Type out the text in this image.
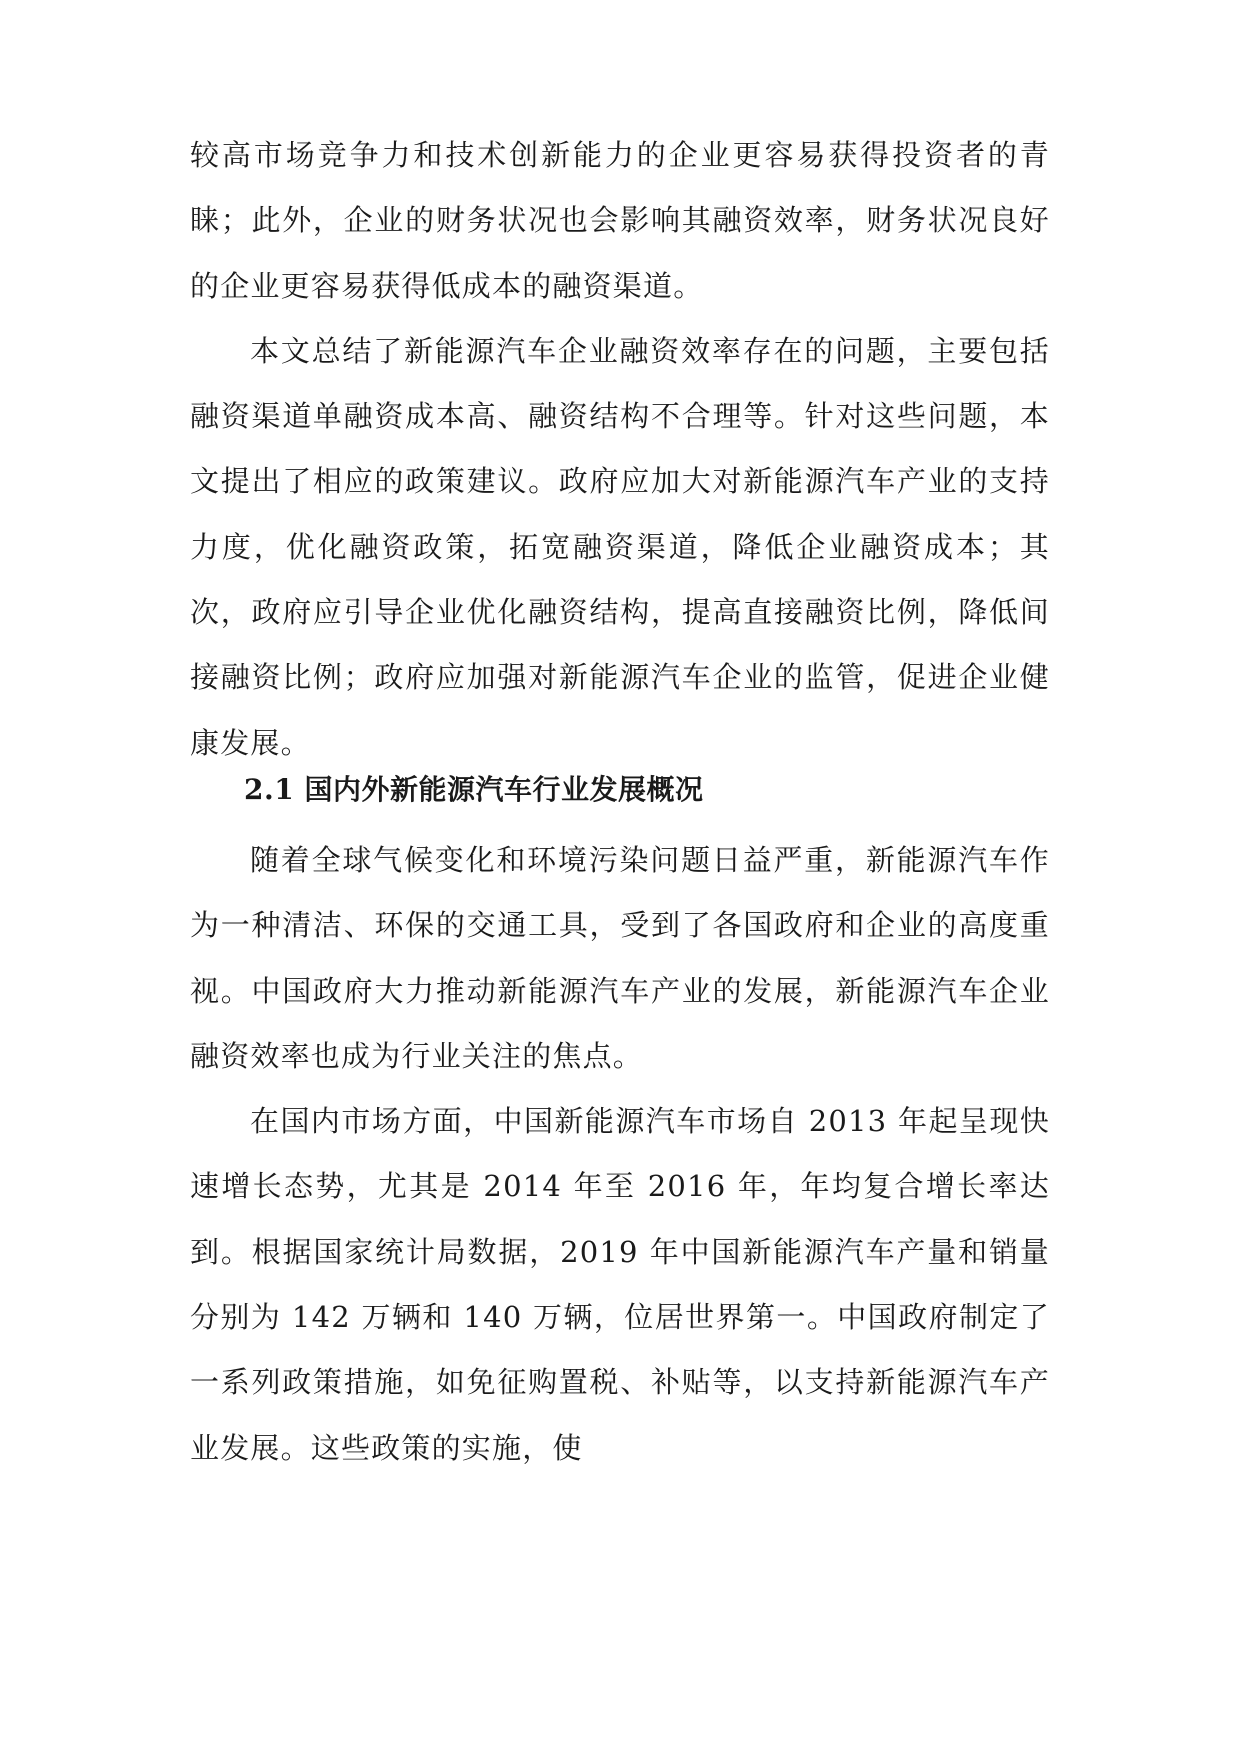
较高市场竞争力和技术创新能力的企业更容易获得投资者的青睐；此外，企业的财务状况也会影响其融资效率，财务状况良好的企业更容易获得低成本的融资渠道。

本文总结了新能源汽车企业融资效率存在的问题，主要包括融资渠道单融资成本高、融资结构不合理等。针对这些问题，本文提出了相应的政策建议。政府应加大对新能源汽车产业的支持力度，优化融资政策，拓宽融资渠道，降低企业融资成本；其次，政府应引导企业优化融资结构，提高直接融资比例，降低间接融资比例；政府应加强对新能源汽车企业的监管，促进企业健康发展。

2.1 国内外新能源汽车行业发展概况

随着全球气候变化和环境污染问题日益严重，新能源汽车作为一种清洁、环保的交通工具，受到了各国政府和企业的高度重视。中国政府大力推动新能源汽车产业的发展，新能源汽车企业融资效率也成为行业关注的焦点。

在国内市场方面，中国新能源汽车市场自 2013 年起呈现快速增长态势，尤其是 2014 年至 2016 年，年均复合增长率达到。根据国家统计局数据，2019 年中国新能源汽车产量和销量分别为 142 万辆和 140 万辆，位居世界第一。中国政府制定了一系列政策措施，如免征购置税、补贴等，以支持新能源汽车产业发展。这些政策的实施，使
